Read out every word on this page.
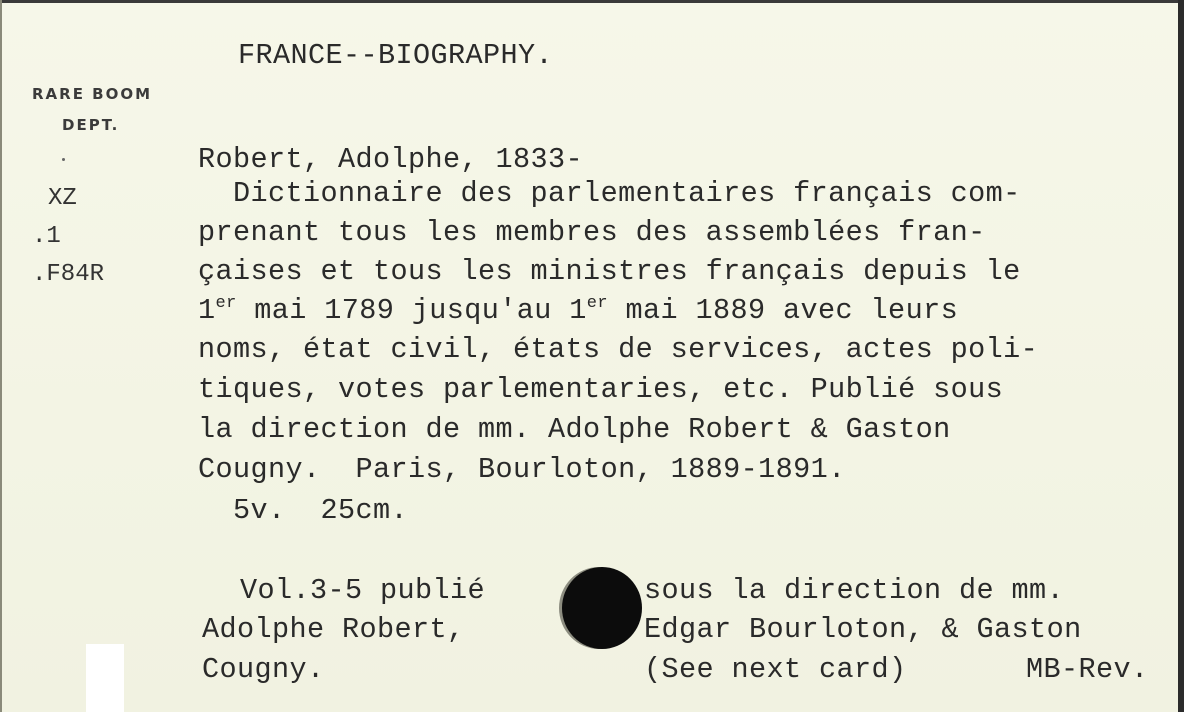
FRANCE--BIOGRAPHY.
RARE BOOM
DEPT.
XZ
.1
.F84R
Robert, Adolphe, 1833-
Dictionnaire des parlementaires français com-
prenant tous les membres des assemblées fran-
çaises et tous les ministres français depuis le
1er mai 1789 jusqu'au 1er mai 1889 avec leurs
noms, état civil, états de services, actes poli-
tiques, votes parlementaries, etc. Publié sous
la direction de mm. Adolphe Robert & Gaston
Cougny.  Paris, Bourloton, 1889-1891.
5v.  25cm.
Vol.3-5 publié
Adolphe Robert,
Cougny.
sous la direction de mm.
Edgar Bourloton, & Gaston
(See next card)	MB-Rev.
